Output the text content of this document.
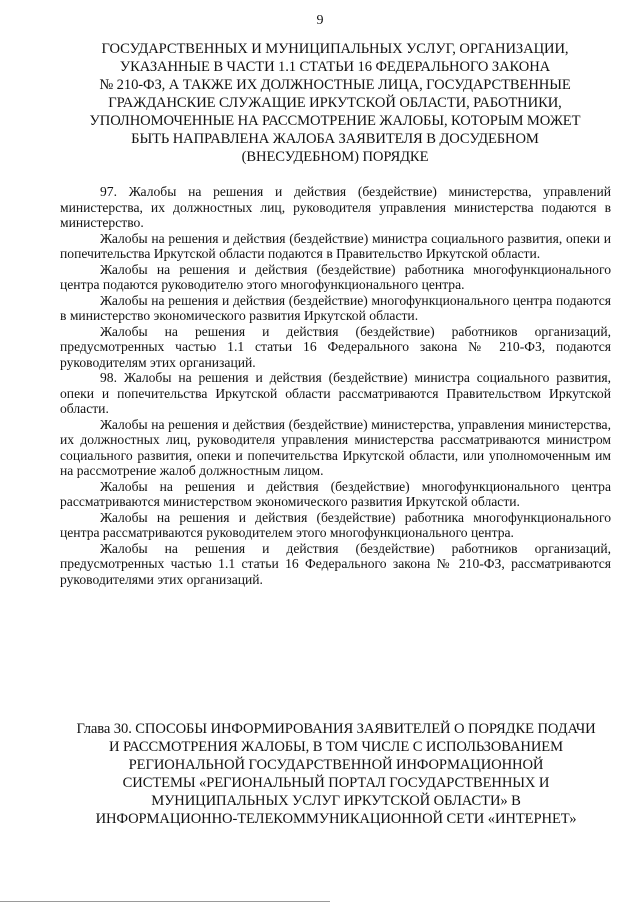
9
ГОСУДАРСТВЕННЫХ И МУНИЦИПАЛЬНЫХ УСЛУГ, ОРГАНИЗАЦИИ,
УКАЗАННЫЕ В ЧАСТИ 1.1 СТАТЬИ 16 ФЕДЕРАЛЬНОГО ЗАКОНА
№ 210-ФЗ, А ТАКЖЕ ИХ ДОЛЖНОСТНЫЕ ЛИЦА, ГОСУДАРСТВЕННЫЕ
ГРАЖДАНСКИЕ СЛУЖАЩИЕ ИРКУТСКОЙ ОБЛАСТИ, РАБОТНИКИ,
УПОЛНОМОЧЕННЫЕ НА РАССМОТРЕНИЕ ЖАЛОБЫ, КОТОРЫМ МОЖЕТ
БЫТЬ НАПРАВЛЕНА ЖАЛОБА ЗАЯВИТЕЛЯ В ДОСУДЕБНОМ
(ВНЕСУДЕБНОМ) ПОРЯДКЕ

97. Жалобы на решения и действия (бездействие) министерства, управлений министерства, их должностных лиц, руководителя управления министерства подаются в министерство.

Жалобы на решения и действия (бездействие) министра социального развития, опеки и попечительства Иркутской области подаются в Правительство Иркутской области.

Жалобы на решения и действия (бездействие) работника многофункционального центра подаются руководителю этого многофункционального центра.

Жалобы на решения и действия (бездействие) многофункционального центра подаются в министерство экономического развития Иркутской области.

Жалобы на решения и действия (бездействие) работников организаций, предусмотренных частью 1.1 статьи 16 Федерального закона № 210-ФЗ, подаются руководителям этих организаций.

98. Жалобы на решения и действия (бездействие) министра социального развития, опеки и попечительства Иркутской области рассматриваются Правительством Иркутской области.

Жалобы на решения и действия (бездействие) министерства, управления министерства, их должностных лиц, руководителя управления министерства рассматриваются министром социального развития, опеки и попечительства Иркутской области, или уполномоченным им на рассмотрение жалоб должностным лицом.

Жалобы на решения и действия (бездействие) многофункционального центра рассматриваются министерством экономического развития Иркутской области.

Жалобы на решения и действия (бездействие) работника многофункционального центра рассматриваются руководителем этого многофункционального центра.

Жалобы на решения и действия (бездействие) работников организаций, предусмотренных частью 1.1 статьи 16 Федерального закона № 210-ФЗ, рассматриваются руководителями этих организаций.

Глава 30. СПОСОБЫ ИНФОРМИРОВАНИЯ ЗАЯВИТЕЛЕЙ О ПОРЯДКЕ ПОДАЧИ
И РАССМОТРЕНИЯ ЖАЛОБЫ, В ТОМ ЧИСЛЕ С ИСПОЛЬЗОВАНИЕМ
РЕГИОНАЛЬНОЙ ГОСУДАРСТВЕННОЙ ИНФОРМАЦИОННОЙ
СИСТЕМЫ «РЕГИОНАЛЬНЫЙ ПОРТАЛ ГОСУДАРСТВЕННЫХ И
МУНИЦИПАЛЬНЫХ УСЛУГ ИРКУТСКОЙ ОБЛАСТИ» В
ИНФОРМАЦИОННО-ТЕЛЕКОММУНИКАЦИОННОЙ СЕТИ «ИНТЕРНЕТ»
